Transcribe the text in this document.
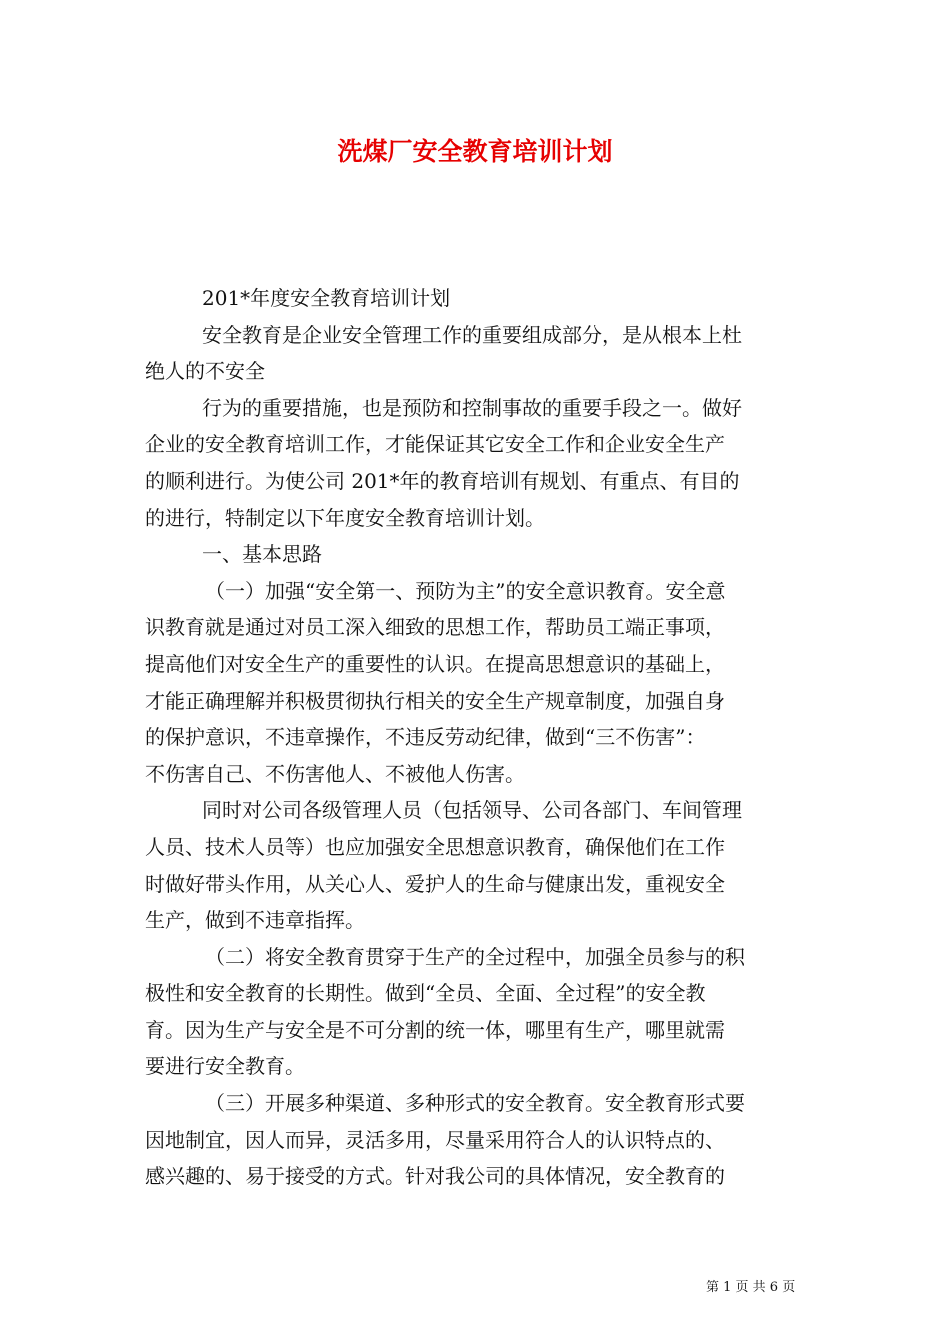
洗煤厂安全教育培训计划
201*年度安全教育培训计划
安全教育是企业安全管理工作的重要组成部分，是从根本上杜
绝人的不安全
行为的重要措施，也是预防和控制事故的重要手段之一。做好
企业的安全教育培训工作，才能保证其它安全工作和企业安全生产
的顺利进行。为使公司 201*年的教育培训有规划、有重点、有目的
的进行，特制定以下年度安全教育培训计划。
一、基本思路
（一）加强“安全第一、预防为主”的安全意识教育。安全意
识教育就是通过对员工深入细致的思想工作，帮助员工端正事项，
提高他们对安全生产的重要性的认识。在提高思想意识的基础上，
才能正确理解并积极贯彻执行相关的安全生产规章制度，加强自身
的保护意识，不违章操作，不违反劳动纪律，做到“三不伤害”：
不伤害自己、不伤害他人、不被他人伤害。
同时对公司各级管理人员（包括领导、公司各部门、车间管理
人员、技术人员等）也应加强安全思想意识教育，确保他们在工作
时做好带头作用，从关心人、爱护人的生命与健康出发，重视安全
生产，做到不违章指挥。
（二）将安全教育贯穿于生产的全过程中，加强全员参与的积
极性和安全教育的长期性。做到“全员、全面、全过程”的安全教
育。因为生产与安全是不可分割的统一体，哪里有生产，哪里就需
要进行安全教育。
（三）开展多种渠道、多种形式的安全教育。安全教育形式要
因地制宜，因人而异，灵活多用，尽量采用符合人的认识特点的、
感兴趣的、易于接受的方式。针对我公司的具体情况，安全教育的
第 1 页 共 6 页
